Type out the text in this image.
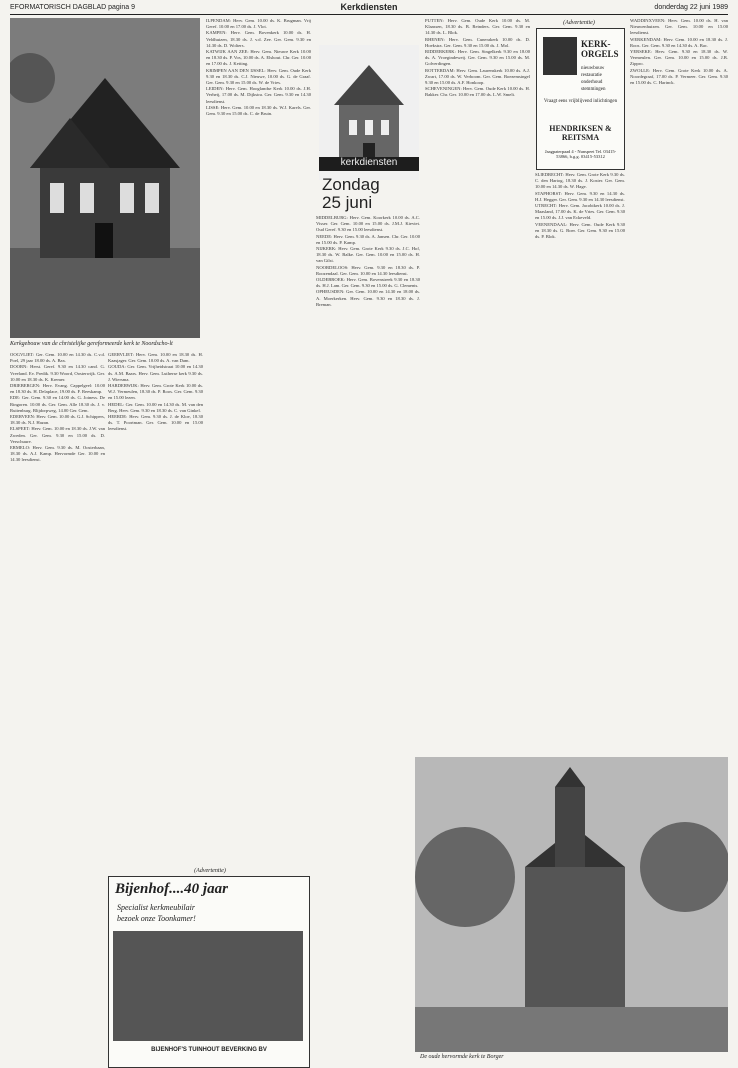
EFORMATORISCH DAGBLAD pagina 9	Kerkdiensten	donderdag 22 juni 1989
Kerkgebouw van de christelijke gereformeerde kerk te Noordscho-lt
kerkdiensten
Zondag
25 juni
(Advertentie)
KERK-ORGELS
nieuwbouw
restauratie
onderhoud
stemmingen
Vraagt eens vrijblijvend inlichtingen
HENDRIKSEN & REITSMA
Jaagpaterpaad 4 - Nunspeet Tel. 03415-53866, b.g.g. 03415-53312
(Advertentie)
Bijenhof....40 jaar
Specialist kerkmeubilair
bezoek onze Toonkamer!
BIJENHOF'S TUINHOUT BEVERKING BV
De oude hervormde kerk te Borger

OOGVLIET: Ger. Gem. 10.00 en 14.30 ds. C.v.d. Poel, 29 jaar 18.00 ds. A. Bax.

DOORN: Herst. Geref. 9.30 en 14.30 cand. G. Vreeland. Ev. Predik. 9.30 Woord, Oosterwijk. Ger. 10.00 en 18.30 ds. K. Kremer.

DRIEBERGEN: Herv. Evang. Cappelgeel: 10.00 en 18.30 ds. H. Delaplace, 19.00 ds. F. Reeskamp.

EDE: Ger. Gem. 9.30 en 14.00 ds. G. Joiness. De Ringoren. 10.00 ds. Ger. Gem. Alle 18.30 ds. J. v. Ruitenburg. Blijdorpweg, 14.00 Ger. Gem.

EDERVEEN: Herv. Gem. 10.00 ds. G.J. Schippers, 18.30 ds. N.J. Hazan.

ELSPEET: Herv. Gem. 10.00 en 18.30 ds. J.W. van Zweden. Ger. Gem. 9.30 en 15.00 ds. D. Verschuure.

ERMELO: Herv. Gem. 9.30 ds. M. Oosterbaan, 18.30 ds. A.J. Kamp. Hervormde Ger. 10.00 en 14.30 leesdienst.

GEERVLIET: Herv. Gem. 10.00 en 18.30 ds. H. Kaasjager. Ger. Gem. 10.00 ds. A. van Dam.

GOUDA: Ger. Gem. Vrijheidstraat 10.00 en 14.30 ds. A.M. Baars. Herv. Gem. Lutherse kerk 9.30 ds. J. Wiersma.

HARDERWIJK: Herv. Gem. Grote Kerk 10.00 ds. W.J. Vermeulen, 18.30 ds. P. Roos. Ger. Gem. 9.30 en 15.00 lezen.

HEDEL: Ger. Gem. 10.00 en 14.30 ds. M. van den Berg. Herv. Gem. 9.30 en 18.30 ds. C. van Ginkel.

HEERDE: Herv. Gem. 9.30 ds. J. de Kloe, 18.30 ds. T. Poortman. Ger. Gem. 10.00 en 15.00 leesdienst.

ILPENDAM: Herv. Gem. 10.00 ds. K. Brugman. Vrij Geref. 10.00 en 17.00 ds. J. Vlot.

KAMPEN: Herv. Gem. Bovenkerk 10.00 ds. H. Veldhuizen, 18.30 ds. J. v.d. Zee. Ger. Gem. 9.30 en 14.30 ds. D. Wolters.

KATWIJK AAN ZEE: Herv. Gem. Nieuwe Kerk 10.00 en 18.30 ds. P. Vos, 10.00 ds. A. Elshout. Chr. Ger. 10.00 en 17.00 ds. J. Ketting.

KRIMPEN AAN DEN IJSSEL: Herv. Gem. Oude Kerk 9.30 en 18.30 ds. C.J. Nieuwe, 10.00 ds. G. de Graaf. Ger. Gem. 9.30 en 15.00 ds. W. de Vries.

LEIDEN: Herv. Gem. Hooglandse Kerk 10.00 ds. J.H. Verheij, 17.00 ds. M. Dijkstra. Ger. Gem. 9.30 en 14.30 leesdienst.

LISSE: Herv. Gem. 10.00 en 18.30 ds. W.J. Karels. Ger. Gem. 9.30 en 15.00 ds. C. de Bruin.

MIDDELBURG: Herv. Gem. Koorkerk 10.00 ds. A.C. Visser. Ger. Gem. 10.00 en 15.00 ds. J.M.J. Kieviet. Oud Geref. 9.30 en 15.00 leesdienst.

NEEDE: Herv. Gem. 9.30 ds. A. Jansen. Chr. Ger. 10.00 en 15.00 ds. P. Kamp.

NIJKERK: Herv. Gem. Grote Kerk 9.30 ds. J.C. Hof, 18.30 ds. W. Balke. Ger. Gem. 10.00 en 15.00 ds. H. van Gilst.

NOORDELOOS: Herv. Gem. 9.30 en 18.30 ds. P. Roozendaal. Ger. Gem. 10.00 en 14.30 leesdienst.

OLDEBROEK: Herv. Gem. Bovenstreek 9.30 en 18.30 ds. H.J. Lam. Ger. Gem. 9.30 en 15.00 ds. G. Clements.

OPHEUSDEN: Ger. Gem. 10.00 en 14.30 en 18.00 ds. A. Moerkerken. Herv. Gem. 9.30 en 18.30 ds. J. Breman.

PUTTEN: Herv. Gem. Oude Kerk 10.00 ds. M. Klaassen, 18.30 ds. B. Reinders. Ger. Gem. 9.30 en 14.30 ds. L. Blok.

RHENEN: Herv. Gem. Cunerakerk 10.00 ds. D. Hoekstra. Ger. Gem. 9.30 en 15.00 ds. J. Mol.

RIDDERKERK: Herv. Gem. Singelkerk 9.30 en 18.00 ds. A. Vroegindeweij. Ger. Gem. 9.30 en 15.00 ds. M. Golverdingen.

ROTTERDAM: Herv. Gem. Laurenskerk 10.00 ds. A.J. Zwart, 17.00 ds. W. Verboom. Ger. Gem. Boezemsingel 9.30 en 15.00 ds. A.F. Honkoop.

SCHEVENINGEN: Herv. Gem. Oude Kerk 10.00 ds. H. Bakker. Chr. Ger. 10.00 en 17.00 ds. L.W. Smelt.

SLIEDRECHT: Herv. Gem. Grote Kerk 9.30 ds. C. den Hartog, 18.30 ds. J. Koster. Ger. Gem. 10.00 en 14.30 ds. W. Hage.

STAPHORST: Herv. Gem. 9.30 en 14.30 ds. H.J. Hegger. Ger. Gem. 9.30 en 14.30 leesdienst.

UTRECHT: Herv. Gem. Jacobikerk 10.00 ds. J. Maasland, 17.00 ds. K. de Vries. Ger. Gem. 9.30 en 15.00 ds. J.J. van Eckeveld.

VEENENDAAL: Herv. Gem. Oude Kerk 9.30 en 18.30 ds. G. Boer. Ger. Gem. 9.30 en 15.00 ds. P. Blok.

WADDINXVEEN: Herv. Gem. 10.00 ds. H. van Nieuwenhuizen. Ger. Gem. 10.00 en 15.00 leesdienst.

WERKENDAM: Herv. Gem. 10.00 en 18.30 ds. J. Roos. Ger. Gem. 9.30 en 14.30 ds. A. Bac.

YERSEKE: Herv. Gem. 9.30 en 18.30 ds. W. Vermeulen. Ger. Gem. 10.00 en 15.00 ds. J.B. Zippro.

ZWOLLE: Herv. Gem. Grote Kerk 10.00 ds. A. Noordegraaf, 17.00 ds. P. Vermeer. Ger. Gem. 9.30 en 15.00 ds. C. Harinck.
